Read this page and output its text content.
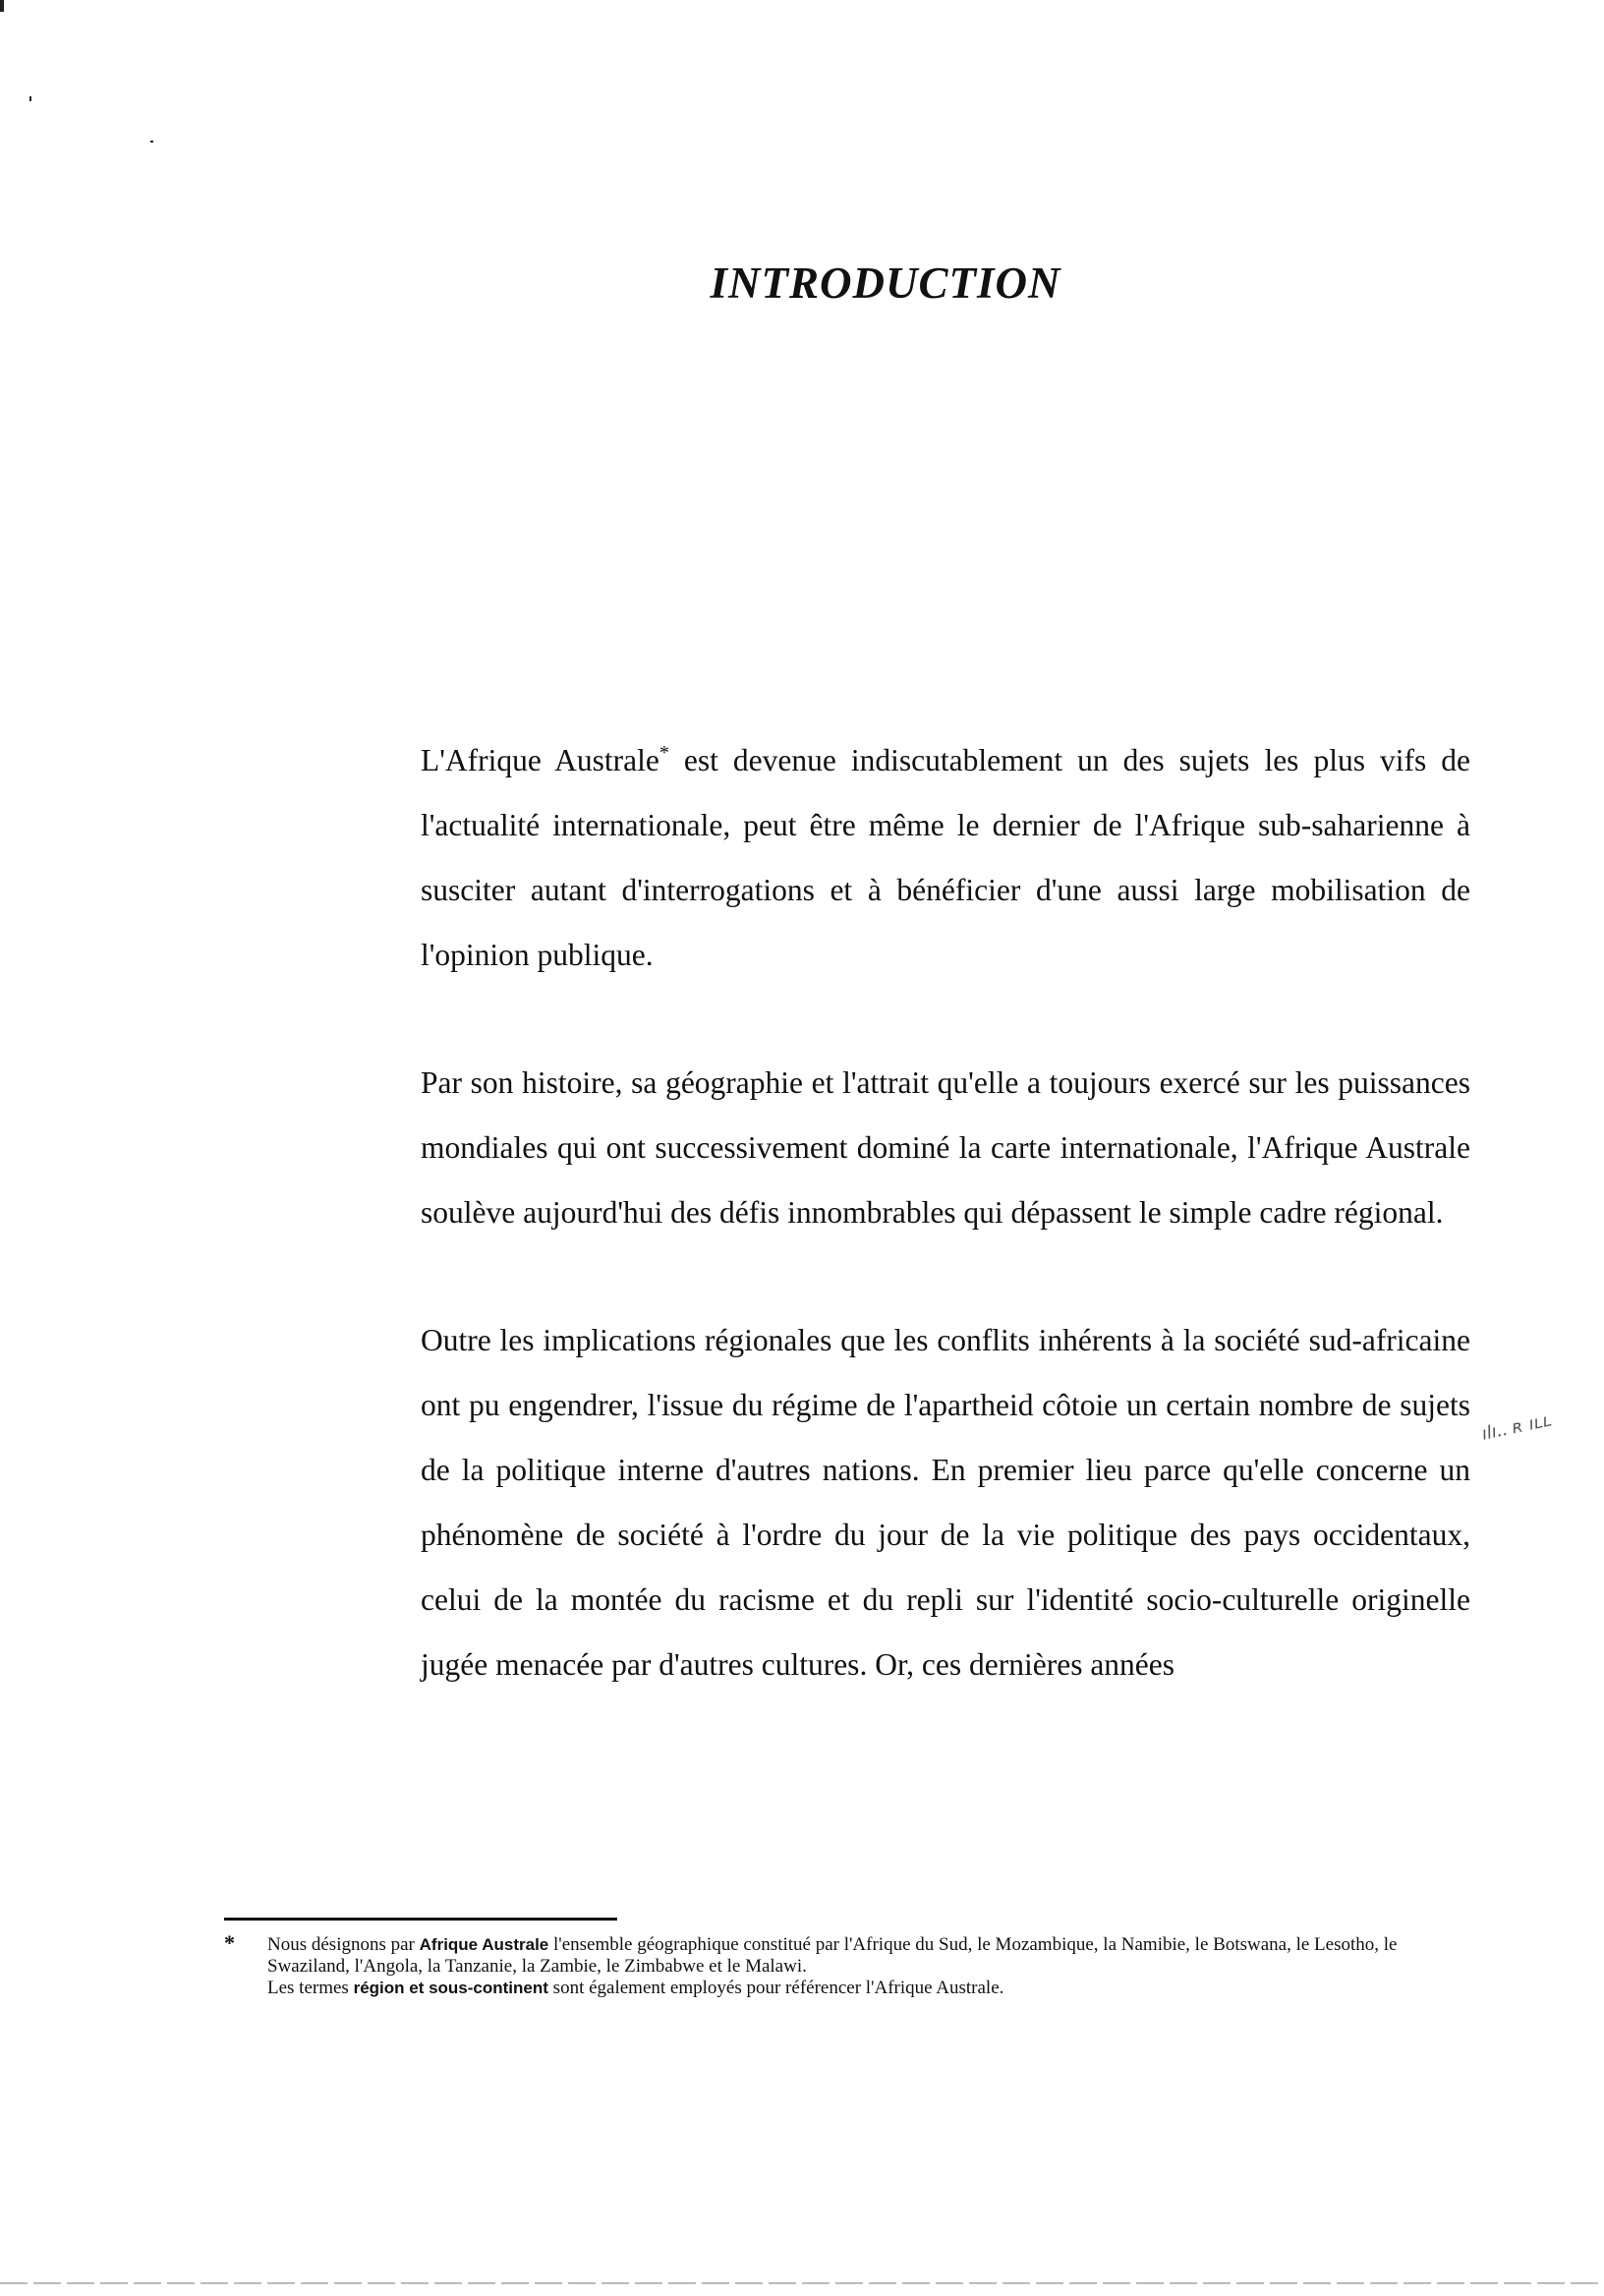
INTRODUCTION

L'Afrique Australe* est devenue indiscutablement un des sujets les plus vifs de l'actualité internationale, peut être même le dernier de l'Afrique sub-saharienne à susciter autant d'interrogations et à bénéficier d'une aussi large mobilisation de l'opinion publique.

Par son histoire, sa géographie et l'attrait qu'elle a toujours exercé sur les puissances mondiales qui ont successivement dominé la carte internationale, l'Afrique Australe soulève aujourd'hui des défis innombrables qui dépassent le simple cadre régional.

Outre les implications régionales que les conflits inhérents à la société sud-africaine ont pu engendrer, l'issue du régime de l'apartheid côtoie un certain nombre de sujets de la politique interne d'autres nations. En premier lieu parce qu'elle concerne un phénomène de société à l'ordre du jour de la vie politique des pays occidentaux, celui de la montée du racisme et du repli sur l'identité socio-culturelle originelle jugée menacée par d'autres cultures. Or, ces dernières années

ılı.. ʀ ıʟʟ
* Nous désignons par Afrique Australe l'ensemble géographique constitué par l'Afrique du Sud, le Mozambique, la Namibie, le Botswana, le Lesotho, le Swaziland, l'Angola, la Tanzanie, la Zambie, le Zimbabwe et le Malawi.
Les termes région et sous-continent sont également employés pour référencer l'Afrique Australe.
